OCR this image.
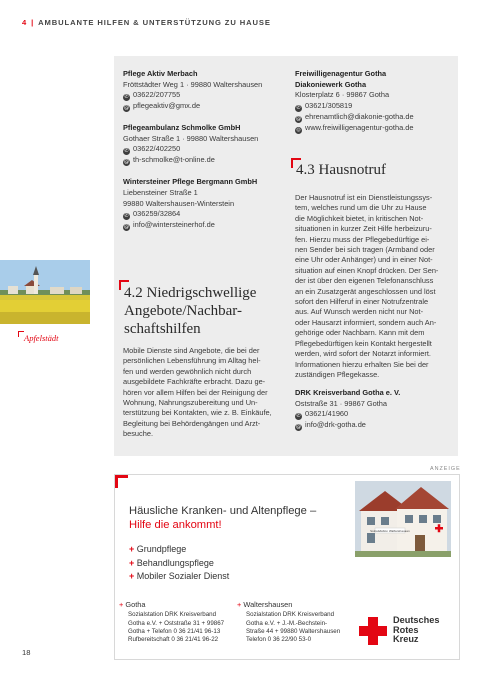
4 | AMBULANTE HILFEN & UNTERSTÜTZUNG ZU HAUSE

Pflege Aktiv Merbach

Fröttstädter Weg 1 · 99880 Waltershausen

✆ 03622/207755

@ pflegeaktiv@gmx.de

Pflegeambulanz Schmolke GmbH

Gothaer Straße 1 · 99880 Waltershausen

✆ 03622/402250

@ th-schmolke@t-online.de

Wintersteiner Pflege Bergmann GmbH

Liebensteiner Straße 1

99880 Waltershausen-Winterstein

✆ 036259/32864

@ info@wintersteinerhof.de

Freiwilligenagentur Gotha

Diakoniewerk Gotha

Klosterplatz 6 · 99867 Gotha

✆ 03621/305819

@ ehrenamtlich@diakonie-gotha.de

◎ www.freiwilligenagentur-gotha.de

4.3 Hausnotruf
Der Hausnotruf ist ein Dienstleistungssys-
tem, welches rund um die Uhr zu Hause
die Möglichkeit bietet, in kritischen Not-
situationen in kurzer Zeit Hilfe herbeizuru-
fen. Hierzu muss der Pflegebedürftige ei-
nen Sender bei sich tragen (Armband oder
eine Uhr oder Anhänger) und in einer Not-
situation auf einen Knopf drücken. Der Sen-
der ist über den eigenen Telefonanschluss
an ein Zusatzgerät angeschlossen und löst
sofort den Hilferuf in einer Notrufzentrale
aus. Auf Wunsch werden nicht nur Not-
oder Hausarzt informiert, sondern auch An-
gehörige oder Nachbarn. Kann mit dem
Pflegebedürftigen kein Kontakt hergestellt
werden, wird sofort der Notarzt informiert.
Informationen hierzu erhalten Sie bei der
zuständigen Pflegekasse.

DRK Kreisverband Gotha e. V.

Oststraße 31 · 99867 Gotha

✆ 03621/41960

@ info@drk-gotha.de

4.2 Niedrigschwellige
Angebote/Nachbar-
schaftshilfen
Mobile Dienste sind Angebote, die bei der
persönlichen Lebensführung im Alltag hel-
fen und werden gewöhnlich nicht durch
ausgebildete Fachkräfte erbracht. Dazu ge-
hören vor allem Hilfen bei der Reinigung der
Wohnung, Nahrungszubereitung und Un-
terstützung bei Kontakten, wie z. B. Einkäufe,
Begleitung bei Behördengängen und Arzt-
besuche.
Apfelstädt
ANZEIGE
Häusliche Kranken- und Altenpflege –
Hilfe die ankommt!
+ Grundpflege
+ Behandlungspflege
+ Mobiler Sozialer Dienst
Sozialstation Waltershausen
+ Gotha
Sozialstation DRK Kreisverband
Gotha e.V. + Oststraße 31 + 99867
Gotha + Telefon 0 36 21/41 96-13
Rufbereitschaft 0 36 21/41 96-22
+ Waltershausen
Sozialstation DRK Kreisverband
Gotha e.V. + J.-M.-Bechstein-
Straße 44 + 99880 Waltershausen
Telefon 0 36 22/90 53-0
Deutsches
Rotes
Kreuz
18
